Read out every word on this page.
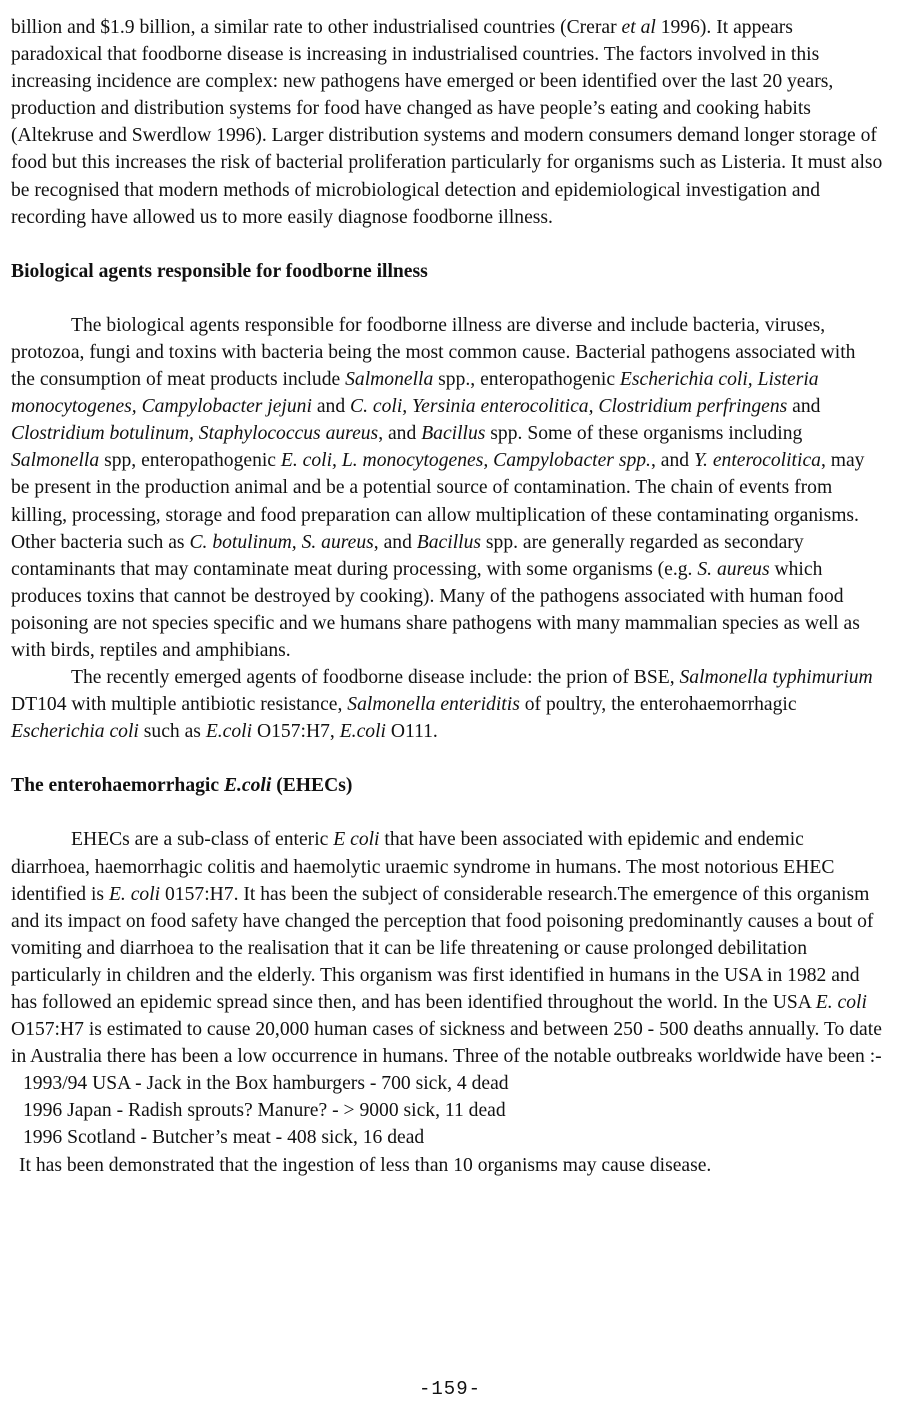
billion and $1.9 billion, a similar rate to other industrialised countries (Crerar et al 1996). It appears paradoxical that foodborne disease is increasing in industrialised countries. The factors involved in this increasing incidence are complex: new pathogens have emerged or been identified over the last 20 years, production and distribution systems for food have changed as have people’s eating and cooking habits (Altekruse and Swerdlow 1996). Larger distribution systems and modern consumers demand longer storage of food but this increases the risk of bacterial proliferation particularly for organisms such as Listeria. It must also be recognised that modern methods of microbiological detection and epidemiological investigation and recording have allowed us to more easily diagnose foodborne illness.

Biological agents responsible for foodborne illness

The biological agents responsible for foodborne illness are diverse and include bacteria, viruses, protozoa, fungi and toxins with bacteria being the most common cause. Bacterial pathogens associated with the consumption of meat products include Salmonella spp., enteropathogenic Escherichia coli, Listeria monocytogenes, Campylobacter jejuni and C. coli, Yersinia enterocolitica, Clostridium perfringens and Clostridium botulinum, Staphylococcus aureus, and Bacillus spp. Some of these organisms including Salmonella spp, enteropathogenic E. coli, L. monocytogenes, Campylobacter spp., and Y. enterocolitica, may be present in the production animal and be a potential source of contamination. The chain of events from killing, processing, storage and food preparation can allow multiplication of these contaminating organisms. Other bacteria such as C. botulinum, S. aureus, and Bacillus spp. are generally regarded as secondary contaminants that may contaminate meat during processing, with some organisms (e.g. S. aureus which produces toxins that cannot be destroyed by cooking). Many of the pathogens associated with human food poisoning are not species specific and we humans share pathogens with many mammalian species as well as with birds, reptiles and amphibians.

The recently emerged agents of foodborne disease include: the prion of BSE, Salmonella typhimurium DT104 with multiple antibiotic resistance, Salmonella enteriditis of poultry, the enterohaemorrhagic Escherichia coli such as E.coli O157:H7, E.coli O111.

The enterohaemorrhagic E.coli (EHECs)

EHECs are a sub-class of enteric E coli that have been associated with epidemic and endemic diarrhoea, haemorrhagic colitis and haemolytic uraemic syndrome in humans. The most notorious EHEC identified is E. coli 0157:H7. It has been the subject of considerable research.The emergence of this organism and its impact on food safety have changed the perception that food poisoning predominantly causes a bout of vomiting and diarrhoea to the realisation that it can be life threatening or cause prolonged debilitation particularly in children and the elderly. This organism was first identified in humans in the USA in 1982 and has followed an epidemic spread since then, and has been identified throughout the world. In the USA E. coli O157:H7 is estimated to cause 20,000 human cases of sickness and between 250 - 500 deaths annually. To date in Australia there has been a low occurrence in humans. Three of the notable outbreaks worldwide have been :-

1993/94 USA - Jack in the Box hamburgers - 700 sick, 4 dead
1996 Japan - Radish sprouts? Manure? - > 9000 sick, 11 dead
1996 Scotland - Butcher’s meat - 408 sick, 16 dead

It has been demonstrated that the ingestion of less than 10 organisms may cause disease.

-159-
